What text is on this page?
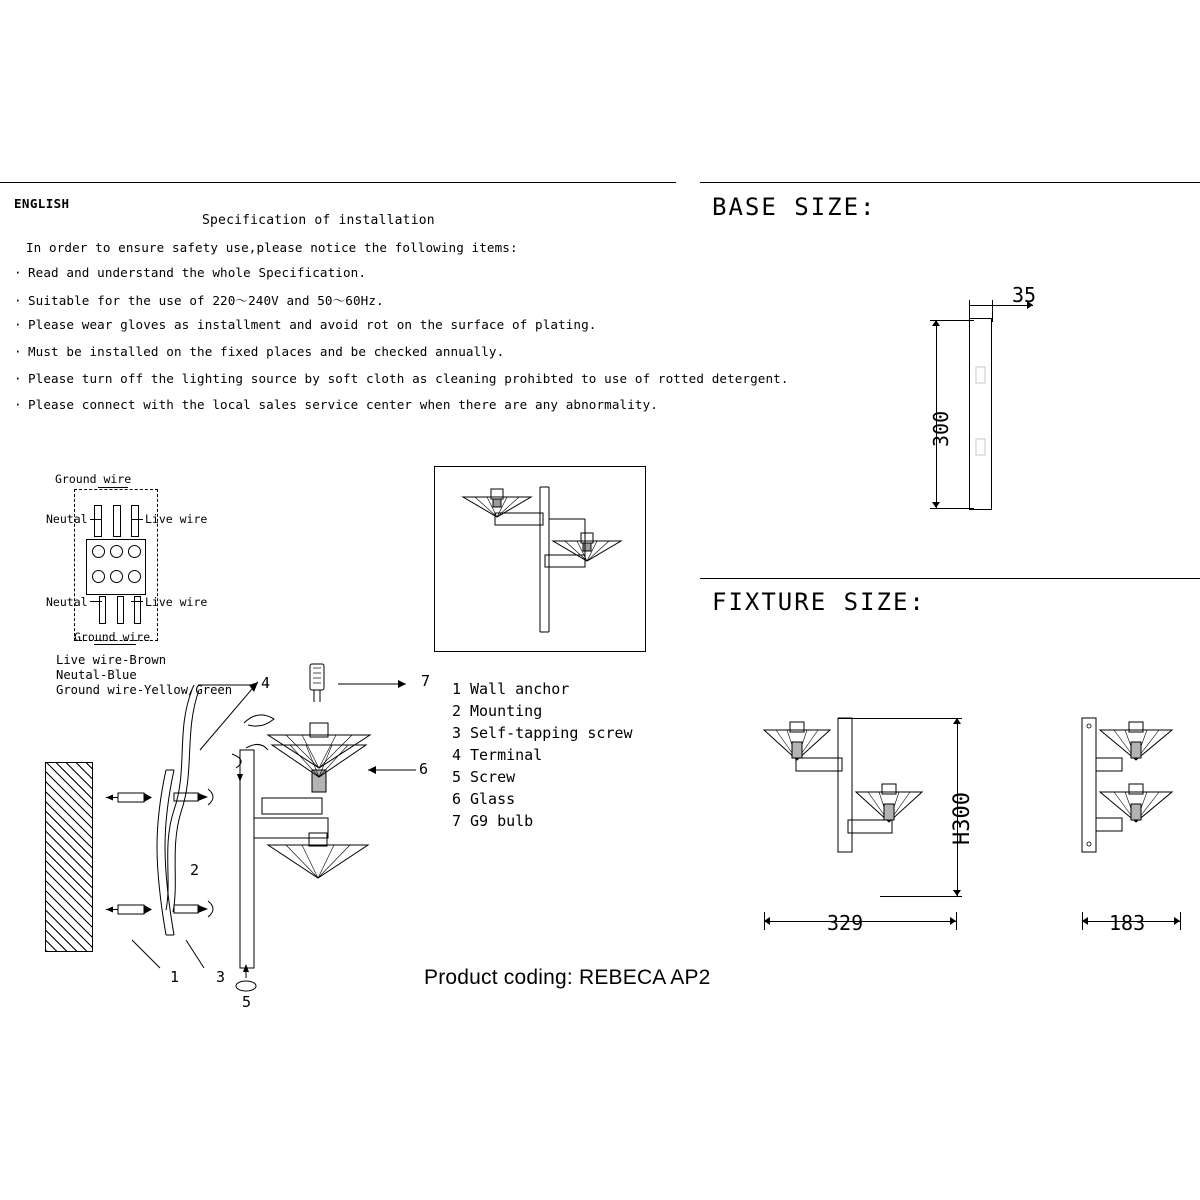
ENGLISH
Specification of installation
In order to ensure safety use,please notice the following items:
· Read and understand the whole Specification.
· Suitable for the use of 220～240V and 50～60Hz.
· Please wear gloves as installment and avoid rot on the surface of plating.
· Must be installed on the fixed places and be checked annually.
· Please turn off the lighting source by soft cloth as cleaning prohibted to use of rotted detergent.
· Please connect with the local sales service center when there are any abnormality.
Ground wire
Neutal	Live wire
Neutal	Live wire
Ground wire
Live wire-Brown
Neutal-Blue
Ground wire-Yellow/Green	1 Wall anchor
2 Mounting
3 Self-tapping screw
4 Terminal
5 Screw
6 Glass
7 G9 bulb
1
2
3
4
5
6
7
BASE SIZE:
35
300
FIXTURE SIZE:
H300
329	183
Product coding: REBECA AP2
